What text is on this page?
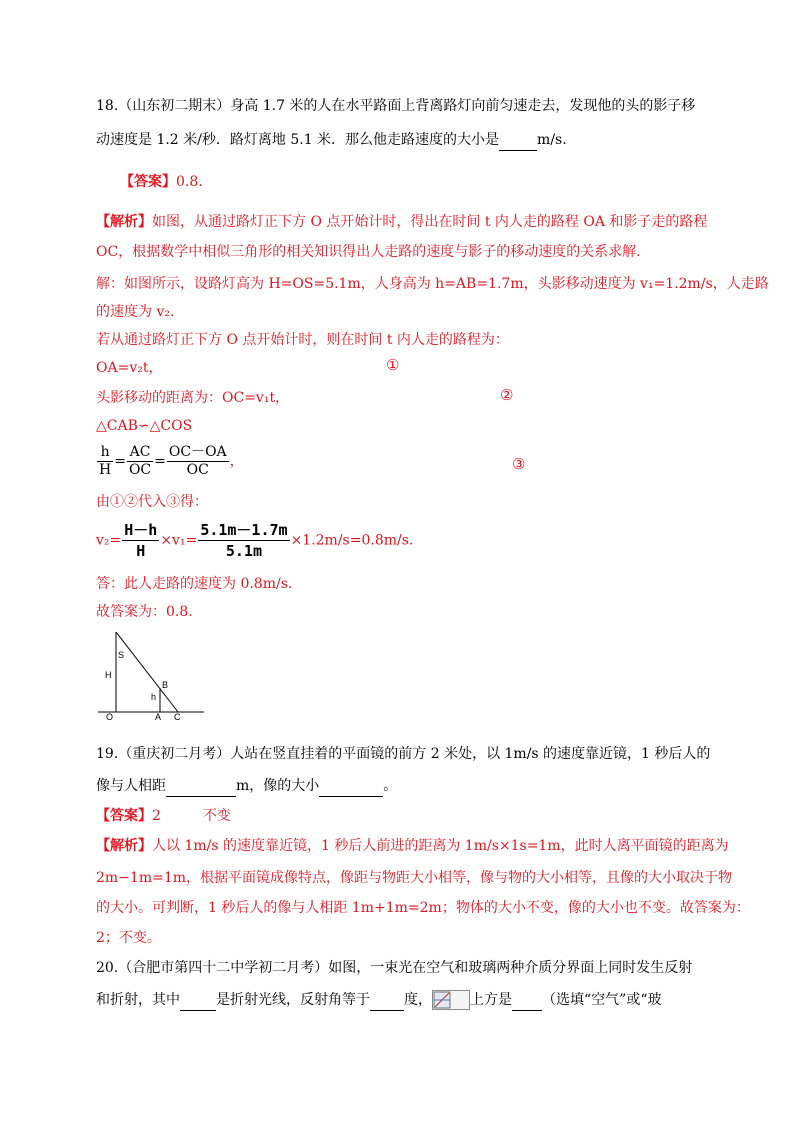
18.（山东初二期末）身高 1.7 米的人在水平路面上背离路灯向前匀速走去，发现他的头的影子移
动速度是 1.2 米/秒．路灯离地 5.1 米．那么他走路速度的大小是	m/s.
【答案】0.8.
【解析】如图，从通过路灯正下方 O 点开始计时，得出在时间 t 内人走的路程 OA 和影子走的路程
OC，根据数学中相似三角形的相关知识得出人走路的速度与影子的移动速度的关系求解.
解：如图所示，设路灯高为 H=OS=5.1m，人身高为 h=AB=1.7m，头影移动速度为 v₁=1.2m/s，人走路
的速度为 v₂.
若从通过路灯正下方 O 点开始计时，则在时间 t 内人走的路程为：
OA=v₂t，	①
头影移动的距离为：OC=v₁t，	②
△CAB∽△COS
$\frac{h}{H} = \frac{AC}{OC} = \frac{OC-OA}{OC}$ ，	③
由①②代入③得：
$v_2= \frac{H-h}{H} \times v_1= \frac{5.1m-1.7m}{5.1m} \times 1.2m/s=0.8m/s$.
答：此人走路的速度为 0.8m/s.
故答案为：0.8.
S
H
B
h
O	A C
19.（重庆初二月考）人站在竖直挂着的平面镜的前方 2 米处，以 1m/s 的速度靠近镜，1 秒后人的
像与人相距	m，像的大小	。
【答案】2　　　不变
【解析】人以 1m/s 的速度靠近镜，1 秒后人前进的距离为 1m/s×1s=1m，此时人离平面镜的距离为
2m−1m=1m，根据平面镜成像特点，像距与物距大小相等，像与物的大小相等，且像的大小取决于物
的大小。可判断，1 秒后人的像与人相距 1m+1m=2m；物体的大小不变，像的大小也不变。故答案为：
2；不变。
20.（合肥市第四十二中学初二月考）如图，一束光在空气和玻璃两种介质分界面上同时发生反射
和折射，其中	是折射光线，反射角等于 度，	上方是 （选填“空气”或“玻
